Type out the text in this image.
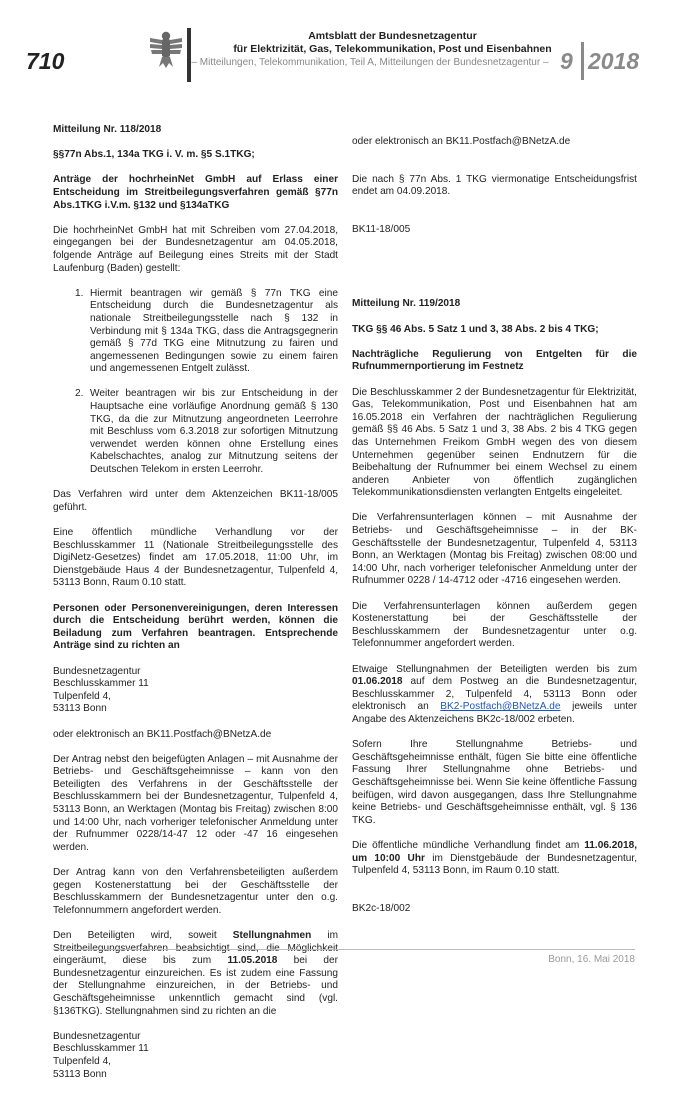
710
Amtsblatt der Bundesnetzagentur
für Elektrizität, Gas, Telekommunikation, Post und Eisenbahnen
– Mitteilungen, Telekommunikation, Teil A, Mitteilungen der Bundesnetzagentur – 9 2018

Mitteilung Nr. 118/2018

§§77n Abs.1, 134a TKG i. V. m. §5 S.1TKG;

Anträge der hochrheinNet GmbH auf Erlass einer Entscheidung im Streitbeilegungsverfahren gemäß §77n Abs.1TKG i.V.m. §132 und §134aTKG

Die hochrheinNet GmbH hat mit Schreiben vom 27.04.2018, eingegangen bei der Bundesnetzagentur am 04.05.2018, folgende Anträge auf Beilegung eines Streits mit der Stadt Laufenburg (Baden) gestellt:

1. Hiermit beantragen wir gemäß § 77n TKG eine Entscheidung durch die Bundesnetzagentur als nationale Streitbeilegungsstelle nach § 132 in Verbindung mit § 134a TKG, dass die Antragsgegnerin gemäß § 77d TKG eine Mitnutzung zu fairen und angemessenen Bedingungen sowie zu einem fairen und angemessenen Entgelt zulässt.
2. Weiter beantragen wir bis zur Entscheidung in der Hauptsache eine vorläufige Anordnung gemäß § 130 TKG, da die zur Mitnutzung angeordneten Leerrohre mit Beschluss vom 6.3.2018 zur sofortigen Mitnutzung verwendet werden können ohne Erstellung eines Kabelschachtes, analog zur Mitnutzung seitens der Deutschen Telekom in ersten Leerrohr.

Das Verfahren wird unter dem Aktenzeichen BK11-18/005 geführt.

Eine öffentlich mündliche Verhandlung vor der Beschlusskammer 11 (Nationale Streitbeilegungsstelle des DigiNetz-Gesetzes) findet am 17.05.2018, 11:00 Uhr, im Dienstgebäude Haus 4 der Bundesnetzagentur, Tulpenfeld 4, 53113 Bonn, Raum 0.10 statt.

Personen oder Personenvereinigungen, deren Interessen durch die Entscheidung berührt werden, können die Beiladung zum Verfahren beantragen. Entsprechende Anträge sind zu richten an

Bundesnetzagentur
Beschlusskammer 11
Tulpenfeld 4,
53113 Bonn

oder elektronisch an BK11.Postfach@BNetzA.de

Der Antrag nebst den beigefügten Anlagen – mit Ausnahme der Betriebs- und Geschäftsgeheimnisse – kann von den Beteiligten des Verfahrens in der Geschäftsstelle der Beschlusskammern bei der Bundesnetzagentur, Tulpenfeld 4, 53113 Bonn, an Werktagen (Montag bis Freitag) zwischen 8:00 und 14:00 Uhr, nach vorheriger telefonischer Anmeldung unter der Rufnummer 0228/14-47 12 oder -47 16 eingesehen werden.

Der Antrag kann von den Verfahrensbeteiligten außerdem gegen Kostenerstattung bei der Geschäftsstelle der Beschlusskammern der Bundesnetzagentur unter den o.g. Telefonnummern angefordert werden.

Den Beteiligten wird, soweit Stellungnahmen im eingeräumt, diese bis zum 11.05.2018 bei der Bundesnetzagentur einzureichen. Es ist zudem eine Fassung der Stellungnahme einzureichen, in der Betriebs- und Geschäftsgeheimnisse unkenntlich gemacht sind (vgl. §136TKG). Stellungnahmen sind zu richten an die

Bundesnetzagentur
Beschlusskammer 11
Tulpenfeld 4,
53113 Bonn

oder elektronisch an BK11.Postfach@BNetzA.de

Die nach § 77n Abs. 1 TKG viermonatige Entscheidungsfrist endet am 04.09.2018.

BK11-18/005

Mitteilung Nr. 119/2018

TKG §§ 46 Abs. 5 Satz 1 und 3, 38 Abs. 2 bis 4 TKG;

Nachträgliche Regulierung von Entgelten für die Rufnummernportierung im Festnetz

Die Beschlusskammer 2 der Bundesnetzagentur für Elektrizität, Gas, Telekommunikation, Post und Eisenbahnen hat am 16.05.2018 ein Verfahren der nachträglichen Regulierung gemäß §§ 46 Abs. 5 Satz 1 und 3, 38 Abs. 2 bis 4 TKG gegen das Unternehmen Freikom GmbH wegen des von diesem Unternehmen gegenüber seinen Endnutzern für die Beibehaltung der Rufnummer bei einem Wechsel zu einem anderen Anbieter von öffentlich zugänglichen Telekommunikationsdiensten verlangten Entgelts eingeleitet.

Die Verfahrensunterlagen können – mit Ausnahme der Betriebs- und Geschäftsgeheimnisse – in der BK-Geschäftsstelle der Bundesnetzagentur, Tulpenfeld 4, 53113 Bonn, an Werktagen (Montag bis Freitag) zwischen 08:00 und 14:00 Uhr, nach vorheriger telefonischer Anmeldung unter der Rufnummer 0228 / 14-4712 oder -4716 eingesehen werden.

Die Verfahrensunterlagen können außerdem gegen Kostenerstattung bei der Geschäftsstelle der Beschlusskammern der Bundesnetzagentur unter o.g. Telefonnummer angefordert werden.

Etwaige Stellungnahmen der Beteiligten werden bis zum 01.06.2018 auf dem Postweg an die Bundesnetzagentur, Beschlusskammer 2, Tulpenfeld 4, 53113 Bonn oder elektronisch an BK2-Postfach@BNetzA.de jeweils unter Angabe des Aktenzeichens BK2c-18/002 erbeten.

Sofern Ihre Stellungnahme Betriebs- und Geschäftsgeheimnisse enthält, fügen Sie bitte eine öffentliche Fassung Ihrer Stellungnahme ohne Betriebs- und Geschäftsgeheimnisse bei. Wenn Sie keine öffentliche Fassung beifügen, wird davon ausgegangen, dass Ihre Stellungnahme keine Betriebs- und Geschäftsgeheimnisse enthält, vgl. § 136 TKG.

Die öffentliche mündliche Verhandlung findet am 11.06.2018, um 10:00 Uhr im Dienstgebäude der Bundesnetzagentur, Tulpenfeld 4, 53113 Bonn, im Raum 0.10 statt.

BK2c-18/002

Bonn, 16. Mai 2018
